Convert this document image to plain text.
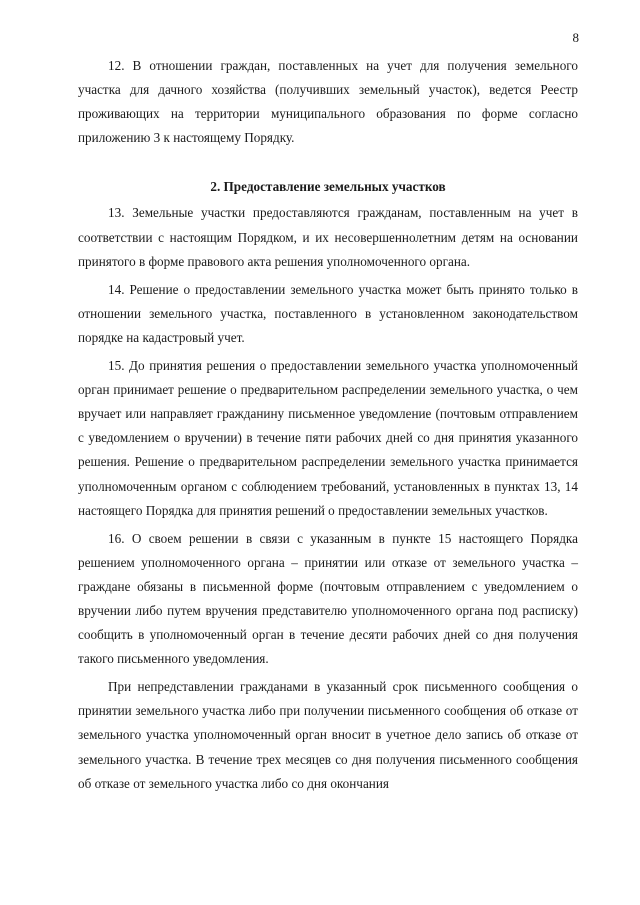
8

12. В отношении граждан, поставленных на учет для получения земельного участка для дачного хозяйства (получивших земельный участок), ведется Реестр проживающих на территории муниципального образования по форме согласно приложению 3 к настоящему Порядку.

2. Предоставление земельных участков

13. Земельные участки предоставляются гражданам, поставленным на учет в соответствии с настоящим Порядком, и их несовершеннолетним детям на основании принятого в форме правового акта решения уполномоченного органа.

14. Решение о предоставлении земельного участка может быть принято только в отношении земельного участка, поставленного в установленном законодательством порядке на кадастровый учет.

15. До принятия решения о предоставлении земельного участка уполномоченный орган принимает решение о предварительном распределении земельного участка, о чем вручает или направляет гражданину письменное уведомление (почтовым отправлением с уведомлением о вручении) в течение пяти рабочих дней со дня принятия указанного решения. Решение о предварительном распределении земельного участка принимается уполномоченным органом с соблюдением требований, установленных в пунктах 13, 14 настоящего Порядка для принятия решений о предоставлении земельных участков.

16. О своем решении в связи с указанным в пункте 15 настоящего Порядка решением уполномоченного органа – принятии или отказе от земельного участка – граждане обязаны в письменной форме (почтовым отправлением с уведомлением о вручении либо путем вручения представителю уполномоченного органа под расписку) сообщить в уполномоченный орган в течение десяти рабочих дней со дня получения такого письменного уведомления.

При непредставлении гражданами в указанный срок письменного сообщения о принятии земельного участка либо при получении письменного сообщения об отказе от земельного участка уполномоченный орган вносит в учетное дело запись об отказе от земельного участка. В течение трех месяцев со дня получения письменного сообщения об отказе от земельного участка либо со дня окончания
